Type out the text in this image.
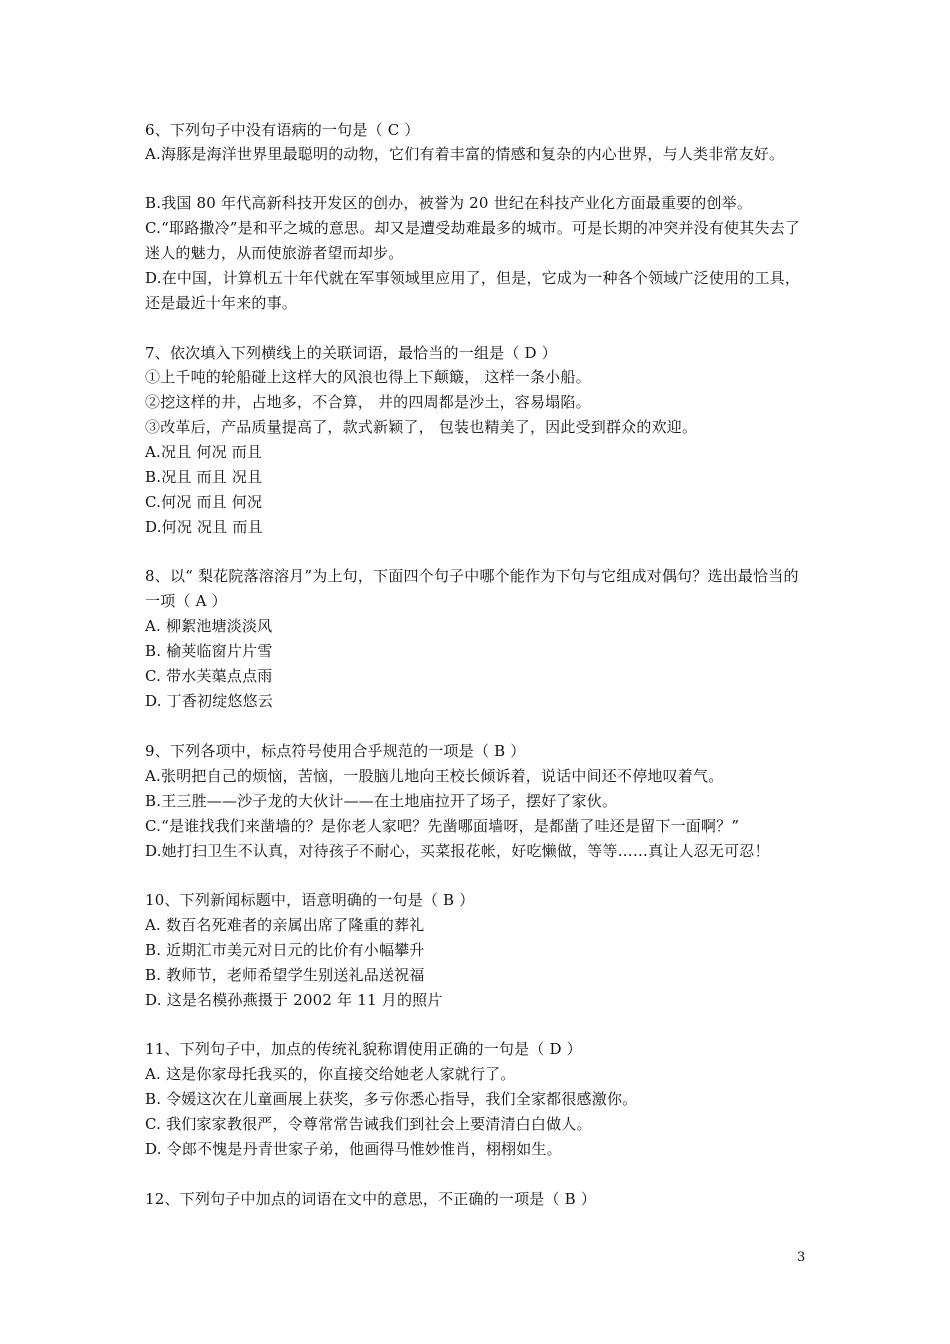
6、下列句子中没有语病的一句是（ C ）
A.海豚是海洋世界里最聪明的动物，它们有着丰富的情感和复杂的内心世界，与人类非常友好。
B.我国 80 年代高新科技开发区的创办，被誉为 20 世纪在科技产业化方面最重要的创举。
C.“耶路撒冷”是和平之城的意思。却又是遭受劫难最多的城市。可是长期的冲突并没有使其失去了迷人的魅力，从而使旅游者望而却步。
D.在中国，计算机五十年代就在军事领域里应用了，但是，它成为一种各个领域广泛使用的工具，还是最近十年来的事。
7、依次填入下列横线上的关联词语，最恰当的一组是（ D ）
①上千吨的轮船碰上这样大的风浪也得上下颠簸， 这样一条小船。
②挖这样的井，占地多，不合算， 井的四周都是沙土，容易塌陷。
③改革后，产品质量提高了，款式新颖了， 包装也精美了，因此受到群众的欢迎。
A.况且 何况 而且
B.况且 而且 况且
C.何况 而且 何况
D.何况 况且 而且
8、以“ 梨花院落溶溶月”为上句，下面四个句子中哪个能作为下句与它组成对偶句？选出最恰当的一项（ A ）
A. 柳絮池塘淡淡风
B. 榆荚临窗片片雪
C. 带水芙蕖点点雨
D. 丁香初绽悠悠云
9、下列各项中，标点符号使用合乎规范的一项是（ B ）
A.张明把自己的烦恼，苦恼，一股脑儿地向王校长倾诉着，说话中间还不停地叹着气。
B.王三胜——沙子龙的大伙计——在土地庙拉开了场子，摆好了家伙。
C.“是谁找我们来凿墙的？是你老人家吧？先凿哪面墙呀，是都凿了哇还是留下一面啊？”
D.她打扫卫生不认真，对待孩子不耐心，买菜报花帐，好吃懒做，等等……真让人忍无可忍！
10、下列新闻标题中，语意明确的一句是（ B ）
A. 数百名死难者的亲属出席了隆重的葬礼
B. 近期汇市美元对日元的比价有小幅攀升
B. 教师节，老师希望学生别送礼品送祝福
D. 这是名模孙燕摄于 2002 年 11 月的照片
11、下列句子中，加点的传统礼貌称谓使用正确的一句是（ D ）
A. 这是你家母托我买的，你直接交给她老人家就行了。
B. 令媛这次在儿童画展上获奖，多亏你悉心指导，我们全家都很感激你。
C. 我们家家教很严，令尊常常告诫我们到社会上要清清白白做人。
D. 令郎不愧是丹青世家子弟，他画得马惟妙惟肖，栩栩如生。
12、下列句子中加点的词语在文中的意思，不正确的一项是（ B ）
3
